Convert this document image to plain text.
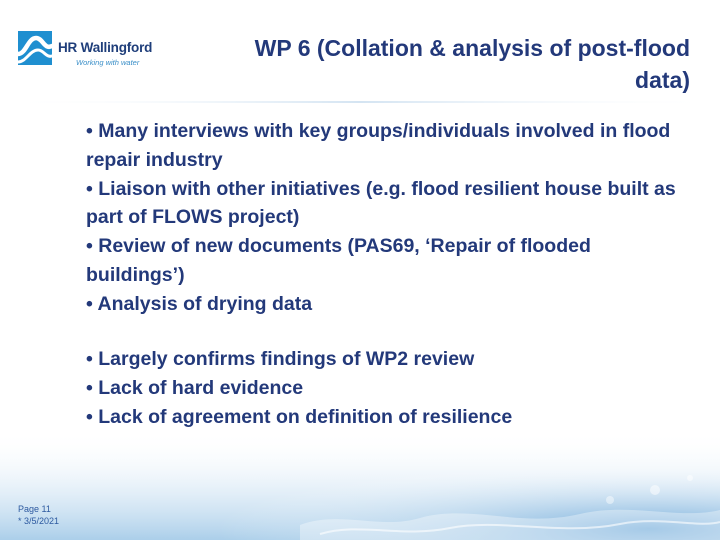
HR Wallingford
Working with water
WP 6 (Collation & analysis of post-flood data)
• Many interviews with key groups/individuals involved in flood repair industry
• Liaison with other initiatives (e.g. flood resilient house built as part of FLOWS project)
• Review of new documents (PAS69, ‘Repair of flooded buildings’)
• Analysis of drying data
• Largely confirms findings of WP2 review
• Lack of hard evidence
• Lack of agreement on definition of resilience
Page 11
* 3/5/2021
